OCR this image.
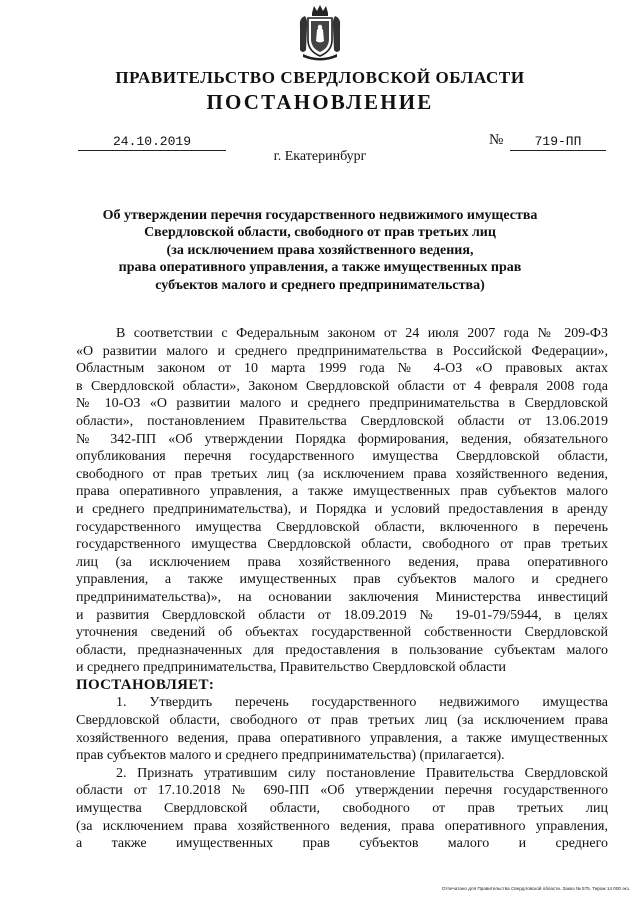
ПРАВИТЕЛЬСТВО СВЕРДЛОВСКОЙ ОБЛАСТИ
ПОСТАНОВЛЕНИЕ
24.10.2019	№	719-ПП
г. Екатеринбург
Об утверждении перечня государственного недвижимого имущества
Свердловской области, свободного от прав третьих лиц
(за исключением права хозяйственного ведения,
права оперативного управления, а также имущественных прав
субъектов малого и среднего предпринимательства)
В соответствии с Федеральным законом от 24 июля 2007 года № 209-ФЗ
«О развитии малого и среднего предпринимательства в Российской Федерации»,
Областным законом от 10 марта 1999 года № 4-ОЗ «О правовых актах
в Свердловской области», Законом Свердловской области от 4 февраля 2008 года
№ 10-ОЗ «О развитии малого и среднего предпринимательства в Свердловской
области», постановлением Правительства Свердловской области от 13.06.2019
№ 342-ПП «Об утверждении Порядка формирования, ведения, обязательного
опубликования перечня государственного имущества Свердловской области,
свободного от прав третьих лиц (за исключением права хозяйственного ведения,
права оперативного управления, а также имущественных прав субъектов малого
и среднего предпринимательства), и Порядка и условий предоставления в аренду
государственного имущества Свердловской области, включенного в перечень
государственного имущества Свердловской области, свободного от прав третьих
лиц (за исключением права хозяйственного ведения, права оперативного
управления, а также имущественных прав субъектов малого и среднего
предпринимательства)», на основании заключения Министерства инвестиций
и развития Свердловской области от 18.09.2019 № 19-01-79/5944, в целях
уточнения сведений об объектах государственной собственности Свердловской
области, предназначенных для предоставления в пользование субъектам малого
и среднего предпринимательства, Правительство Свердловской области
ПОСТАНОВЛЯЕТ:
1. Утвердить перечень государственного недвижимого имущества
Свердловской области, свободного от прав третьих лиц (за исключением права
хозяйственного ведения, права оперативного управления, а также имущественных
прав субъектов малого и среднего предпринимательства) (прилагается).
2. Признать утратившим силу постановление Правительства Свердловской
области от 17.10.2018 № 690-ПП «Об утверждении перечня государственного
имущества Свердловской области, свободного от прав третьих лиц
(за исключением права хозяйственного ведения, права оперативного управления,
а также имущественных прав субъектов малого и среднего
Отпечатано для Правительства Свердловской области. Заказ № 575. Тираж 14 000 экз.
